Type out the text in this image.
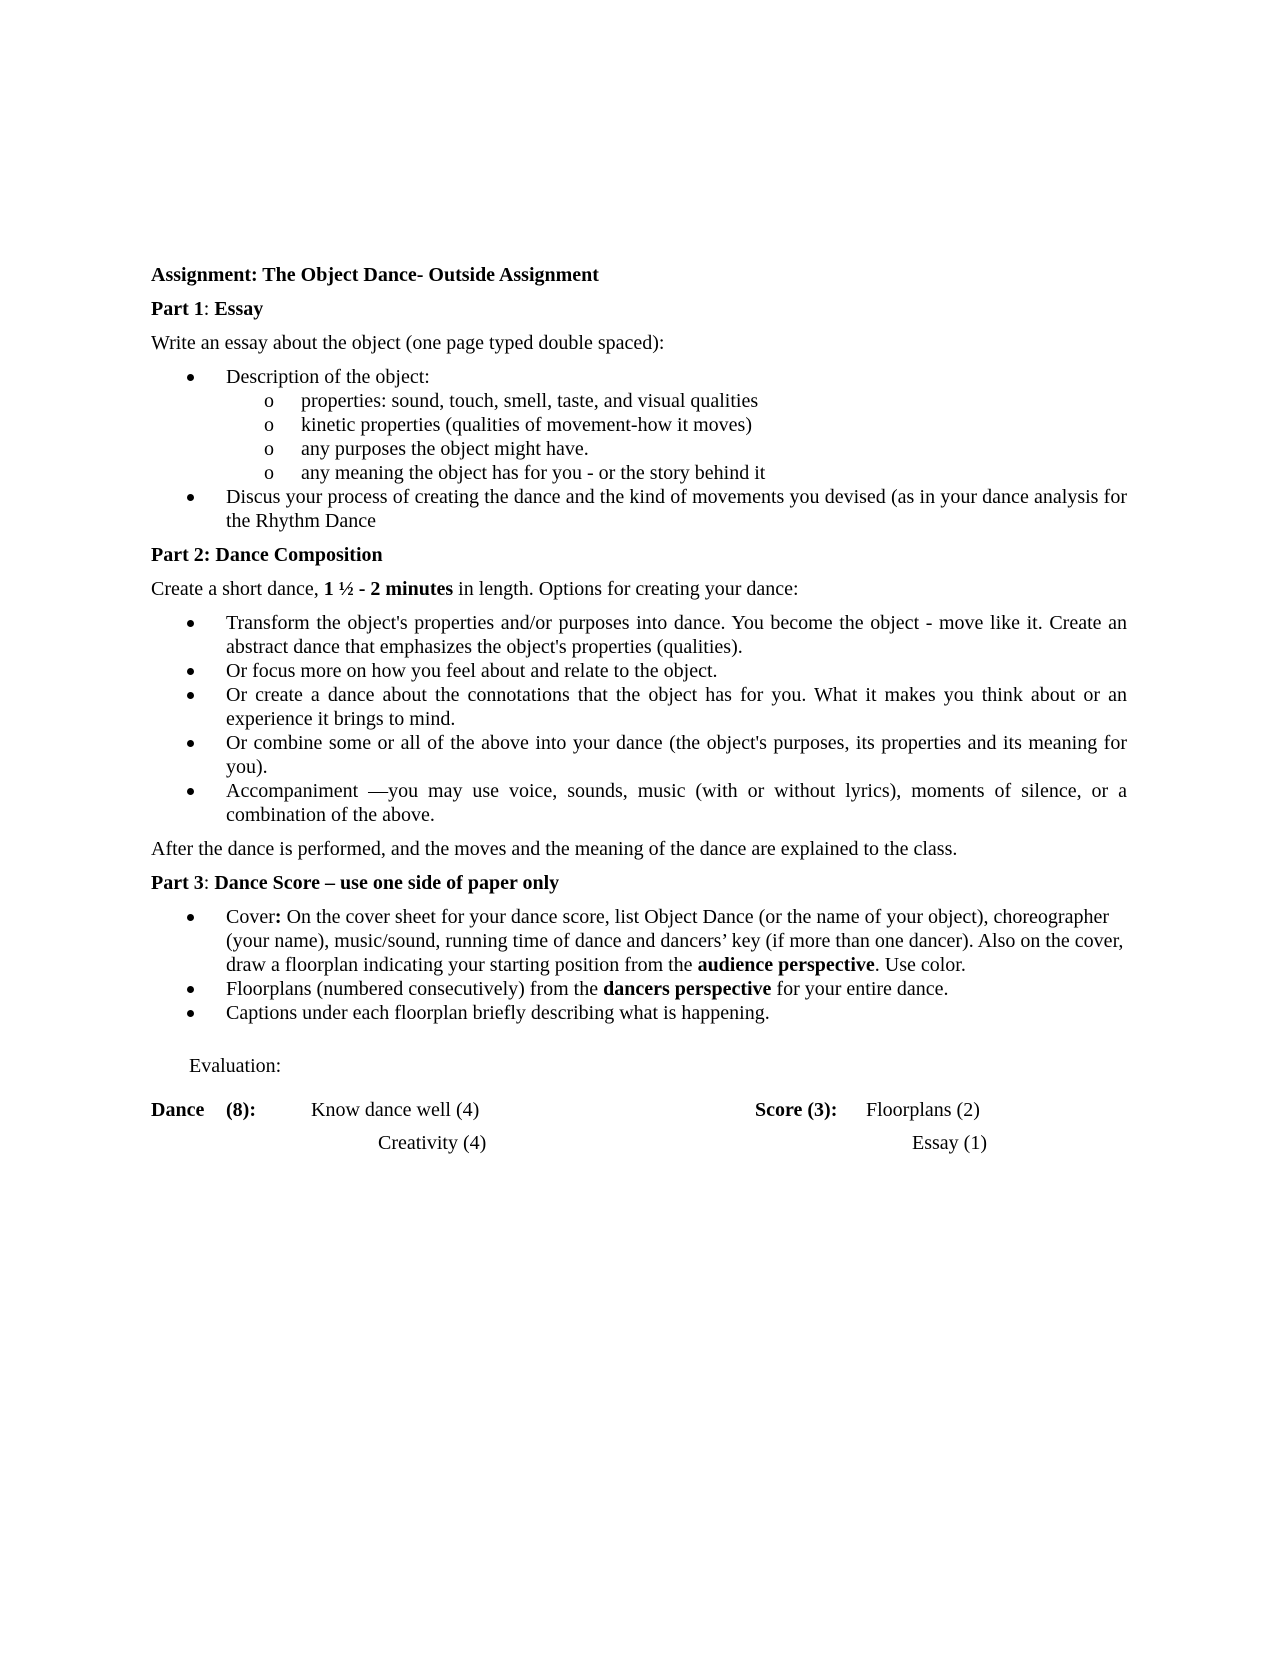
Assignment: The Object Dance- Outside Assignment

Part 1: Essay

Write an essay about the object (one page typed double spaced):

Description of the object:
o properties: sound, touch, smell, taste, and visual qualities
o kinetic properties (qualities of movement-how it moves)
o any purposes the object might have.
o any meaning the object has for you - or the story behind it
Discus your process of creating the dance and the kind of movements you devised (as in your dance analysis for the Rhythm Dance

Part 2: Dance Composition

Create a short dance, 1 ½ - 2 minutes in length. Options for creating your dance:

Transform the object's properties and/or purposes into dance. You become the object - move like it. Create an abstract dance that emphasizes the object's properties (qualities).
Or focus more on how you feel about and relate to the object.
Or create a dance about the connotations that the object has for you. What it makes you think about or an experience it brings to mind.
Or combine some or all of the above into your dance (the object's purposes, its properties and its meaning for you).
Accompaniment —you may use voice, sounds, music (with or without lyrics), moments of silence, or a combination of the above.

After the dance is performed, and the moves and the meaning of the dance are explained to the class.

Part 3: Dance Score – use one side of paper only

Cover: On the cover sheet for your dance score, list Object Dance (or the name of your object), choreographer (your name), music/sound, running time of dance and dancers’ key (if more than one dancer). Also on the cover, draw a floorplan indicating your starting position from the audience perspective. Use color.
Floorplans (numbered consecutively) from the dancers perspective for your entire dance.
Captions under each floorplan briefly describing what is happening.

Evaluation:

Dance (8):	Know dance well (4)
Creativity (4)
Score (3): Floorplans (2)
Essay (1)
